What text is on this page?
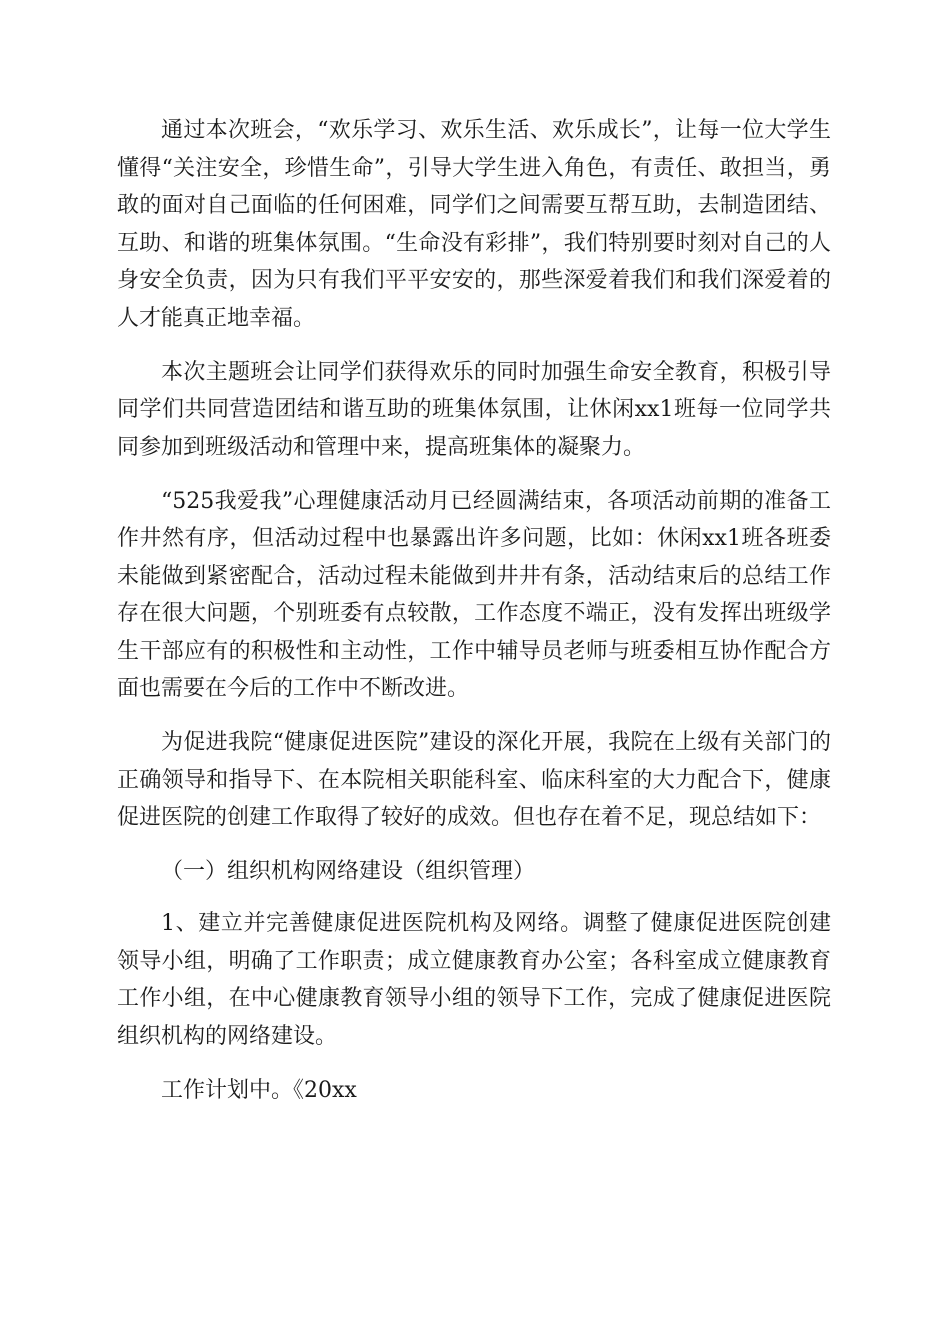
通过本次班会，“欢乐学习、欢乐生活、欢乐成长”，让每一位大学生懂得“关注安全，珍惜生命”，引导大学生进入角色，有责任、敢担当，勇敢的面对自己面临的任何困难，同学们之间需要互帮互助，去制造团结、互助、和谐的班集体氛围。“生命没有彩排”，我们特别要时刻对自己的人身安全负责，因为只有我们平平安安的，那些深爱着我们和我们深爱着的人才能真正地幸福。

本次主题班会让同学们获得欢乐的同时加强生命安全教育，积极引导同学们共同营造团结和谐互助的班集体氛围，让休闲xx1班每一位同学共同参加到班级活动和管理中来，提高班集体的凝聚力。

“525我爱我”心理健康活动月已经圆满结束，各项活动前期的准备工作井然有序，但活动过程中也暴露出许多问题，比如：休闲xx1班各班委未能做到紧密配合，活动过程未能做到井井有条，活动结束后的总结工作存在很大问题，个别班委有点较散，工作态度不端正，没有发挥出班级学生干部应有的积极性和主动性，工作中辅导员老师与班委相互协作配合方面也需要在今后的工作中不断改进。

为促进我院“健康促进医院”建设的深化开展，我院在上级有关部门的正确领导和指导下、在本院相关职能科室、临床科室的大力配合下，健康促进医院的创建工作取得了较好的成效。但也存在着不足，现总结如下：

（一）组织机构网络建设（组织管理）

1、建立并完善健康促进医院机构及网络。调整了健康促进医院创建领导小组，明确了工作职责；成立健康教育办公室；各科室成立健康教育工作小组，在中心健康教育领导小组的领导下工作，完成了健康促进医院组织机构的网络建设。

工作计划中。《20xx
